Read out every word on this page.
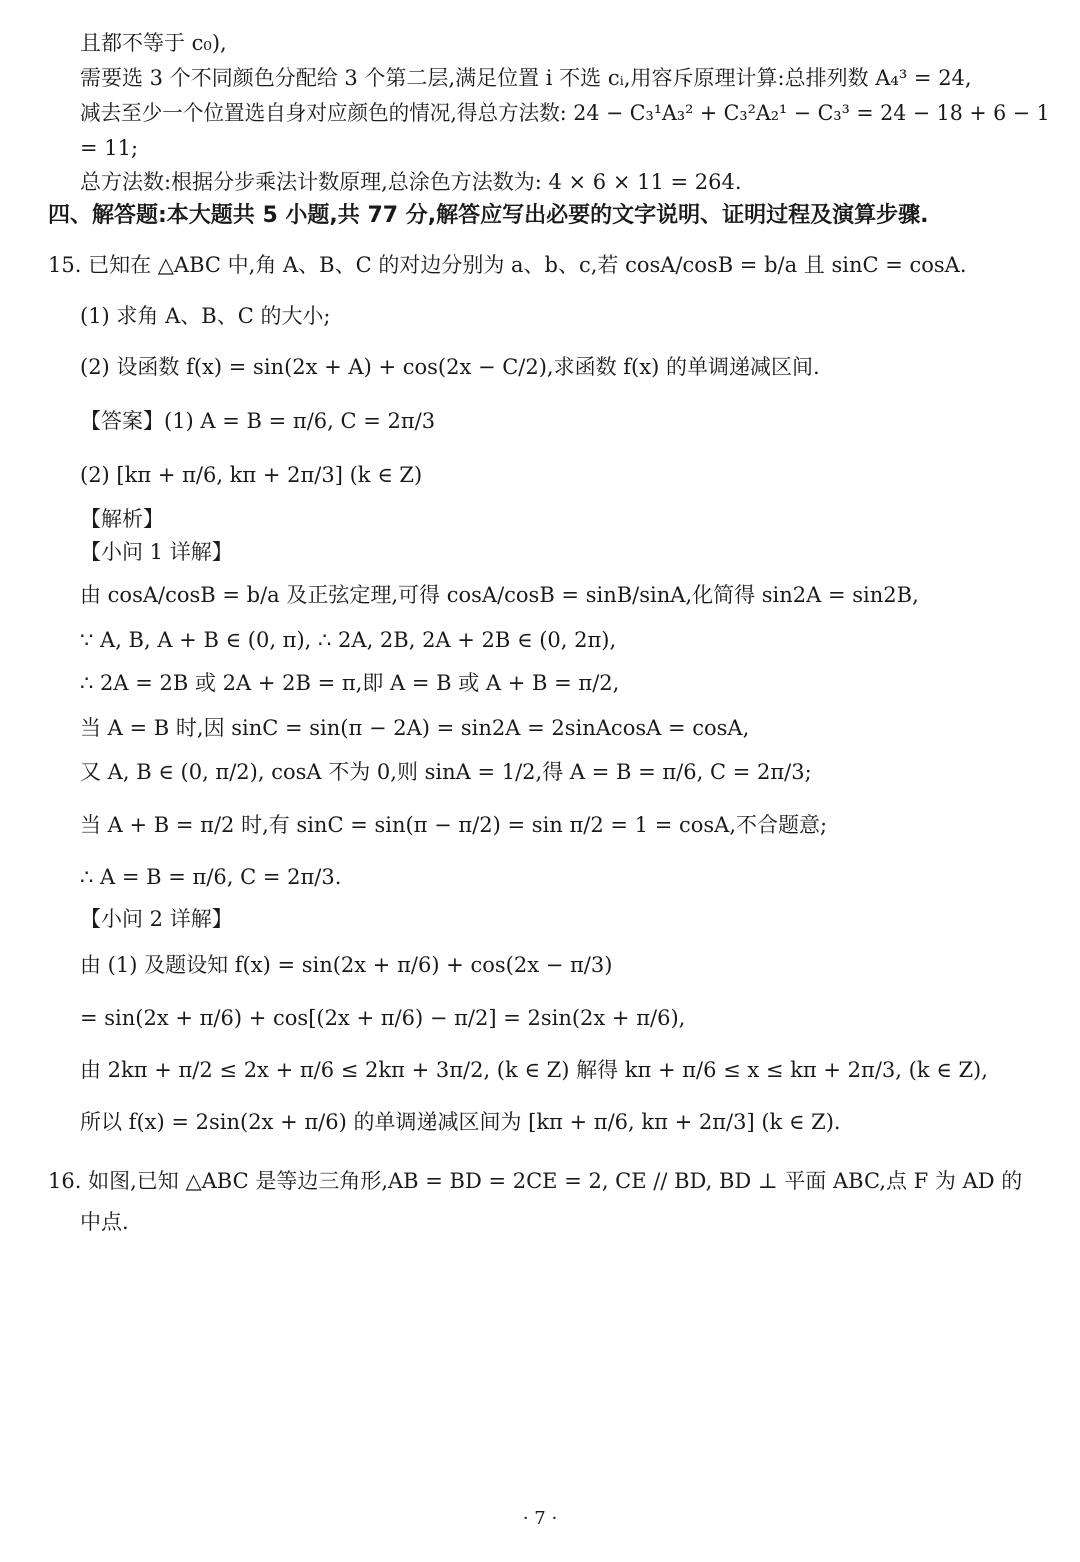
且都不等于 c₀),
需要选 3 个不同颜色分配给 3 个第二层,满足位置 i 不选 cᵢ,用容斥原理计算:总排列数 A₄³ = 24,
减去至少一个位置选自身对应颜色的情况,得总方法数: 24 − C₃¹A₃² + C₃²A₂¹ − C₃³ = 24 − 18 + 6 − 1
= 11;
总方法数:根据分步乘法计数原理,总涂色方法数为: 4 × 6 × 11 = 264.
四、解答题:本大题共 5 小题,共 77 分,解答应写出必要的文字说明、证明过程及演算步骤.
15. 已知在 △ABC 中,角 A、B、C 的对边分别为 a、b、c,若 cosA/cosB = b/a 且 sinC = cosA.
(1) 求角 A、B、C 的大小;
(2) 设函数 f(x) = sin(2x + A) + cos(2x − C/2),求函数 f(x) 的单调递减区间.
【答案】(1) A = B = π/6, C = 2π/3
(2) [kπ + π/6, kπ + 2π/3] (k ∈ Z)
【解析】
【小问 1 详解】
由 cosA/cosB = b/a 及正弦定理,可得 cosA/cosB = sinB/sinA,化简得 sin2A = sin2B,
∵ A, B, A + B ∈ (0, π), ∴ 2A, 2B, 2A + 2B ∈ (0, 2π),
∴ 2A = 2B 或 2A + 2B = π,即 A = B 或 A + B = π/2,
当 A = B 时,因 sinC = sin(π − 2A) = sin2A = 2sinAcosA = cosA,
又 A, B ∈ (0, π/2), cosA 不为 0,则 sinA = 1/2,得 A = B = π/6, C = 2π/3;
当 A + B = π/2 时,有 sinC = sin(π − π/2) = sin π/2 = 1 = cosA,不合题意;
∴ A = B = π/6, C = 2π/3.
【小问 2 详解】
由 (1) 及题设知 f(x) = sin(2x + π/6) + cos(2x − π/3)
= sin(2x + π/6) + cos[(2x + π/6) − π/2] = 2sin(2x + π/6),
由 2kπ + π/2 ≤ 2x + π/6 ≤ 2kπ + 3π/2, (k ∈ Z) 解得 kπ + π/6 ≤ x ≤ kπ + 2π/3, (k ∈ Z),
所以 f(x) = 2sin(2x + π/6) 的单调递减区间为 [kπ + π/6, kπ + 2π/3] (k ∈ Z).
16. 如图,已知 △ABC 是等边三角形,AB = BD = 2CE = 2, CE // BD, BD ⊥ 平面 ABC,点 F 为 AD 的
中点.
· 7 ·
